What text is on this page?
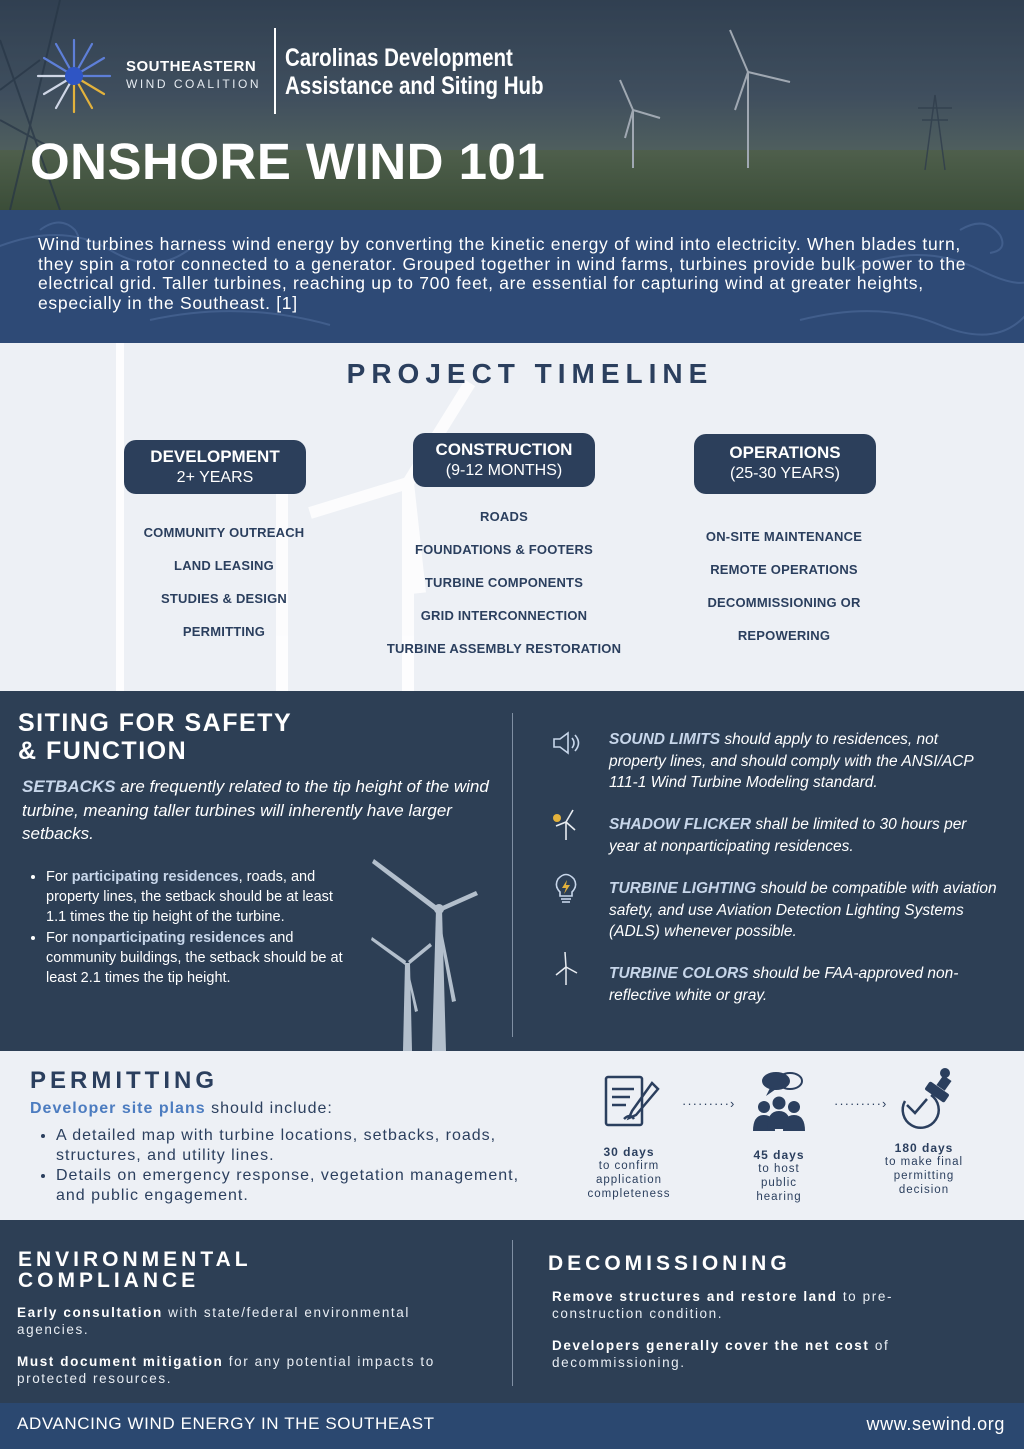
SOUTHEASTERN
WIND COALITION
Carolinas Development
Assistance and Siting Hub
ONSHORE WIND 101

Wind turbines harness wind energy by converting the kinetic energy of wind into electricity. When blades turn, they spin a rotor connected to a generator. Grouped together in wind farms, turbines provide bulk power to the electrical grid. Taller turbines, reaching up to 700 feet, are essential for capturing wind at greater heights, especially in the Southeast. [1]

PROJECT TIMELINE
DEVELOPMENT
2+ YEARS
COMMUNITY OUTREACH
LAND LEASING
STUDIES & DESIGN
PERMITTING
CONSTRUCTION
(9-12 MONTHS)
ROADS
FOUNDATIONS & FOOTERS
TURBINE COMPONENTS
GRID INTERCONNECTION
TURBINE ASSEMBLY RESTORATION
OPERATIONS
(25-30 YEARS)
ON-SITE MAINTENANCE
REMOTE OPERATIONS
DECOMMISSIONING OR
REPOWERING
SITING FOR SAFETY
& FUNCTION
SETBACKS are frequently related to the tip height of the wind turbine, meaning taller turbines will inherently have larger setbacks.
• For participating residences, roads, and property lines, the setback should be at least 1.1 times the tip height of the turbine.
• For nonparticipating residences and community buildings, the setback should be at least 2.1 times the tip height.

SOUND LIMITS should apply to residences, not property lines, and should comply with the ANSI/ACP 111-1 Wind Turbine Modeling standard.

SHADOW FLICKER shall be limited to 30 hours per year at nonparticipating residences.

TURBINE LIGHTING should be compatible with aviation safety, and use Aviation Detection Lighting Systems (ADLS) whenever possible.

TURBINE COLORS should be FAA-approved non-reflective white or gray.

PERMITTING
Developer site plans should include:
• A detailed map with turbine locations, setbacks, roads, structures, and utility lines.
• Details on emergency response, vegetation management, and public engagement.
30 days
to confirm application completeness
·········›
45 days
to host public hearing
·········›
180 days
to make final permitting decision
ENVIRONMENTAL
COMPLIANCE

Early consultation with state/federal environmental agencies.

Must document mitigation for any potential impacts to protected resources.

DECOMISSIONING

Remove structures and restore land to pre-construction condition.

Developers generally cover the net cost of decommissioning.

ADVANCING WIND ENERGY IN THE SOUTHEAST	www.sewind.org
